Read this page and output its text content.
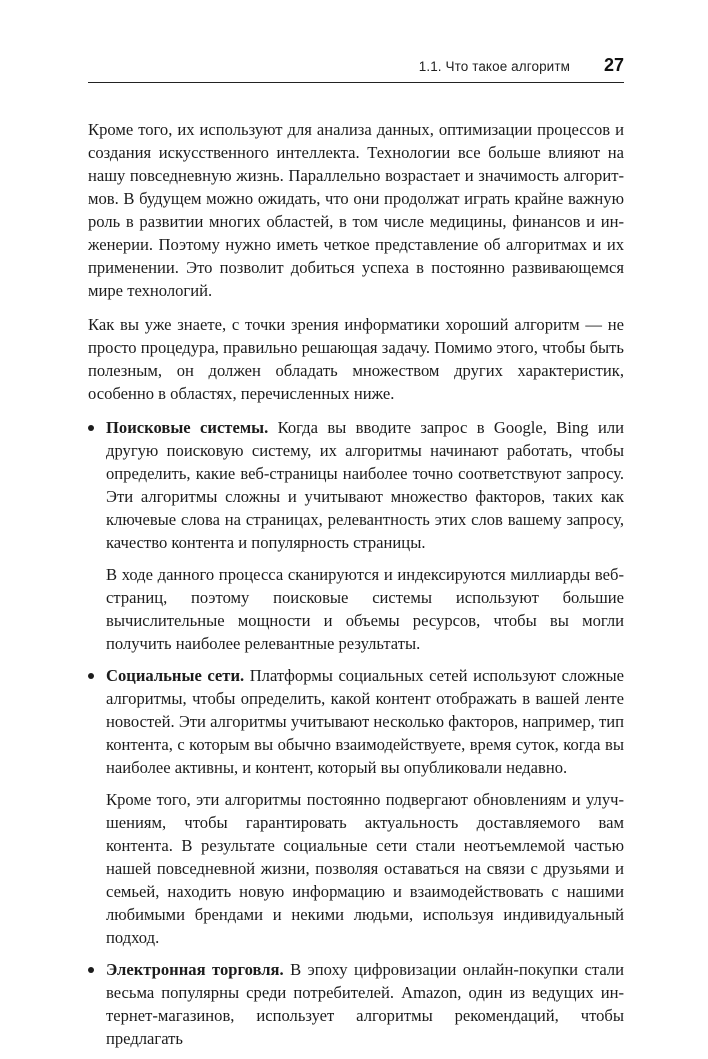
1.1. Что такое алгоритм 27

Кроме того, их используют для анализа данных, оптимизации процессов и создания искусственного интеллекта. Технологии все больше влияют на нашу повседневную жизнь. Параллельно возрастает и значимость алгоритмов. В будущем можно ожидать, что они продолжат играть крайне важную роль в развитии многих областей, в том числе медицины, финансов и инженерии. Поэтому нужно иметь четкое представление об алгоритмах и их применении. Это позволит добиться успеха в постоянно развивающемся мире технологий.

Как вы уже знаете, с точки зрения информатики хороший алгоритм — не просто процедура, правильно решающая задачу. Помимо этого, чтобы быть полезным, он должен обладать множеством других характеристик, особенно в областях, перечисленных ниже.

Поисковые системы. Когда вы вводите запрос в Google, Bing или другую поисковую систему, их алгоритмы начинают работать, чтобы определить, какие веб-страницы наиболее точно соответствуют запросу. Эти алгоритмы сложны и учитывают множество факторов, таких как ключевые слова на страницах, релевантность этих слов вашему запросу, качество контента и популярность страницы.

В ходе данного процесса сканируются и индексируются миллиарды веб-страниц, поэтому поисковые системы используют большие вычислительные мощности и объемы ресурсов, чтобы вы могли получить наиболее релевантные результаты.

Социальные сети. Платформы социальных сетей используют сложные алгоритмы, чтобы определить, какой контент отображать в вашей ленте новостей. Эти алгоритмы учитывают несколько факторов, например, тип контента, с которым вы обычно взаимодействуете, время суток, когда вы наиболее активны, и контент, который вы опубликовали недавно.

Кроме того, эти алгоритмы постоянно подвергают обновлениям и улучшениям, чтобы гарантировать актуальность доставляемого вам контента. В результате социальные сети стали неотъемлемой частью нашей повседневной жизни, позволяя оставаться на связи с друзьями и семьей, находить новую информацию и взаимодействовать с нашими любимыми брендами и некими людьми, используя индивидуальный подход.

Электронная торговля. В эпоху цифровизации онлайн-покупки стали весьма популярны среди потребителей. Amazon, один из ведущих интернет-магазинов, использует алгоритмы рекомендаций, чтобы предлагать
